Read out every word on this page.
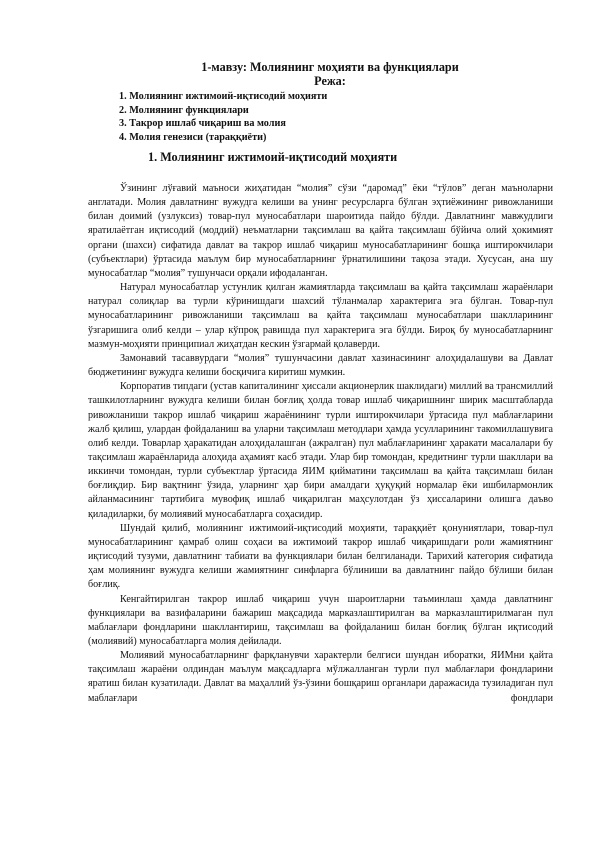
1-мавзу: Молиянинг моҳияти ва функциялари
Режа:
1. Молиянинг ижтимоий-иқтисодий моҳияти
2. Молиянинг функциялари
3. Такрор ишлаб чиқариш ва молия
4. Молия генезиси (тараққиёти)
1. Молиянинг ижтимоий-иқтисодий моҳияти

Ўзининг лўғавий маъноси жиҳатидан “молия” сўзи “даромад” ёки “тўлов” деган маъноларни англатади. Молия давлатнинг вужудга келиши ва унинг ресурсларга бўлган эҳтиёжининг ривожланиши билан доимий (узлуксиз) товар-пул муносабатлари шароитида пайдо бўлди. Давлатнинг мавжудлиги яратилаётган иқтисодий (моддий) неъматларни тақсимлаш ва қайта тақсимлаш бўйича олий ҳокимият органи (шахси) сифатида давлат ва такрор ишлаб чиқариш муносабатларининг бошқа иштирокчилари (субъектлари) ўртасида маълум бир муносабатларнинг ўрнатилишини тақоза этади. Хусусан, ана шу муносабатлар “молия” тушунчаси орқали ифодаланган.

Натурал муносабатлар устунлик қилган жамиятларда тақсимлаш ва қайта тақсимлаш жараёнлари натурал солиқлар ва турли кўринишдаги шахсий тўланмалар характерига эга бўлган. Товар-пул муносабатларининг ривожланиши тақсимлаш ва қайта тақсимлаш муносабатлари шаклларининг ўзгаришига олиб келди – улар кўпроқ равишда пул характерига эга бўлди. Бироқ бу муносабатларнинг мазмун-моҳияти принципиал жиҳатдан кескин ўзгармай қолаверди.

Замонавий тасаввурдаги “молия” тушунчасини давлат хазинасининг алоҳидалашуви ва Давлат бюджетининг вужудга келиши босқичига киритиш мумкин.

Корпоратив типдаги (устав капиталининг ҳиссали акционерлик шаклидаги) миллий ва трансмиллий ташкилотларнинг вужудга келиши билан боғлиқ ҳолда товар ишлаб чиқаришнинг ширик масштабларда ривожланиши такрор ишлаб чиқариш жараёнининг турли иштирокчилари ўртасида пул маблағларини жалб қилиш, улардан фойдаланиш ва уларни тақсимлаш методлари ҳамда усулларининг такомиллашувига олиб келди. Товарлар ҳаракатидан алоҳидалашган (ажралган) пул маблағларининг ҳаракати масалалари бу тақсимлаш жараёнларида алоҳида аҳамият касб этади. Улар бир томондан, кредитнинг турли шакллари ва иккинчи томондан, турли субъектлар ўртасида ЯИМ қийматини тақсимлаш ва қайта тақсимлаш билан боғлиқдир. Бир вақтнинг ўзида, уларнинг ҳар бири амалдаги ҳуқуқий нормалар ёки ишбилармонлик айланмасининг тартибига мувофиқ ишлаб чиқарилган маҳсулотдан ўз ҳиссаларини олишга даъво қиладиларки, бу молиявий муносабатларга соҳасидир.

Шундай қилиб, молиянинг ижтимоий-иқтисодий моҳияти, тараққиёт қонуниятлари, товар-пул муносабатларининг қамраб олиш соҳаси ва ижтимоий такрор ишлаб чиқаришдаги роли жамиятнинг иқтисодий тузуми, давлатнинг табиати ва функциялари билан белгиланади. Тарихий категория сифатида ҳам молиянинг вужудга келиши жамиятнинг синфларга бўлиниши ва давлатнинг пайдо бўлиши билан боғлиқ.

Кенгайтирилган такрор ишлаб чиқариш учун шароитларни таъминлаш ҳамда давлатнинг функциялари ва вазифаларини бажариш мақсадида марказлаштирилган ва марказлаштирилмаган пул маблағлари фондларини шакллантириш, тақсимлаш ва фойдаланиш билан боғлиқ бўлган иқтисодий (молиявий) муносабатларга молия дейилади.

Молиявий муносабатларнинг фарқланувчи характерли белгиси шундан иборатки, ЯИМни қайта тақсимлаш жараёни олдиндан маълум мақсадларга мўлжалланган турли пул маблағлари фондларини яратиш билан кузатилади. Давлат ва маҳаллий ўз-ўзини бошқариш органлари даражасида тузиладиган пул маблағлари фондлари
